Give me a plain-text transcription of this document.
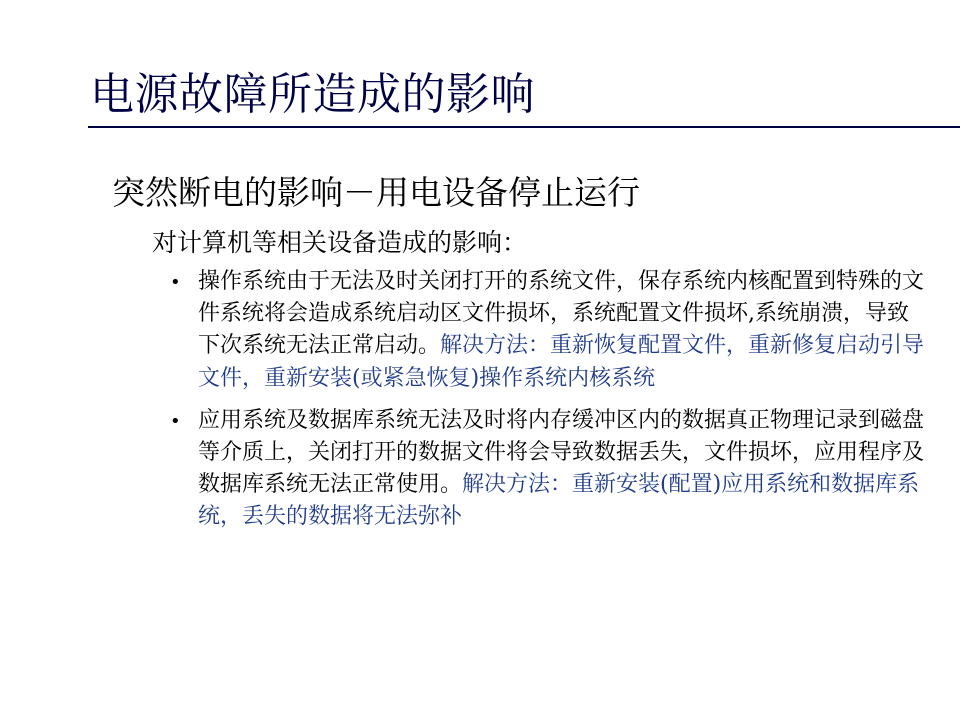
电源故障所造成的影响
突然断电的影响－用电设备停止运行
对计算机等相关设备造成的影响：
• 操作系统由于无法及时关闭打开的系统文件，保存系统内核配置到特殊的文件系统将会造成系统启动区文件损坏，系统配置文件损坏,系统崩溃，导致下次系统无法正常启动。解决方法：重新恢复配置文件，重新修复启动引导文件，重新安装(或紧急恢复)操作系统内核系统
• 应用系统及数据库系统无法及时将内存缓冲区内的数据真正物理记录到磁盘等介质上，关闭打开的数据文件将会导致数据丢失，文件损坏，应用程序及数据库系统无法正常使用。解决方法：重新安装(配置)应用系统和数据库系统，丢失的数据将无法弥补
